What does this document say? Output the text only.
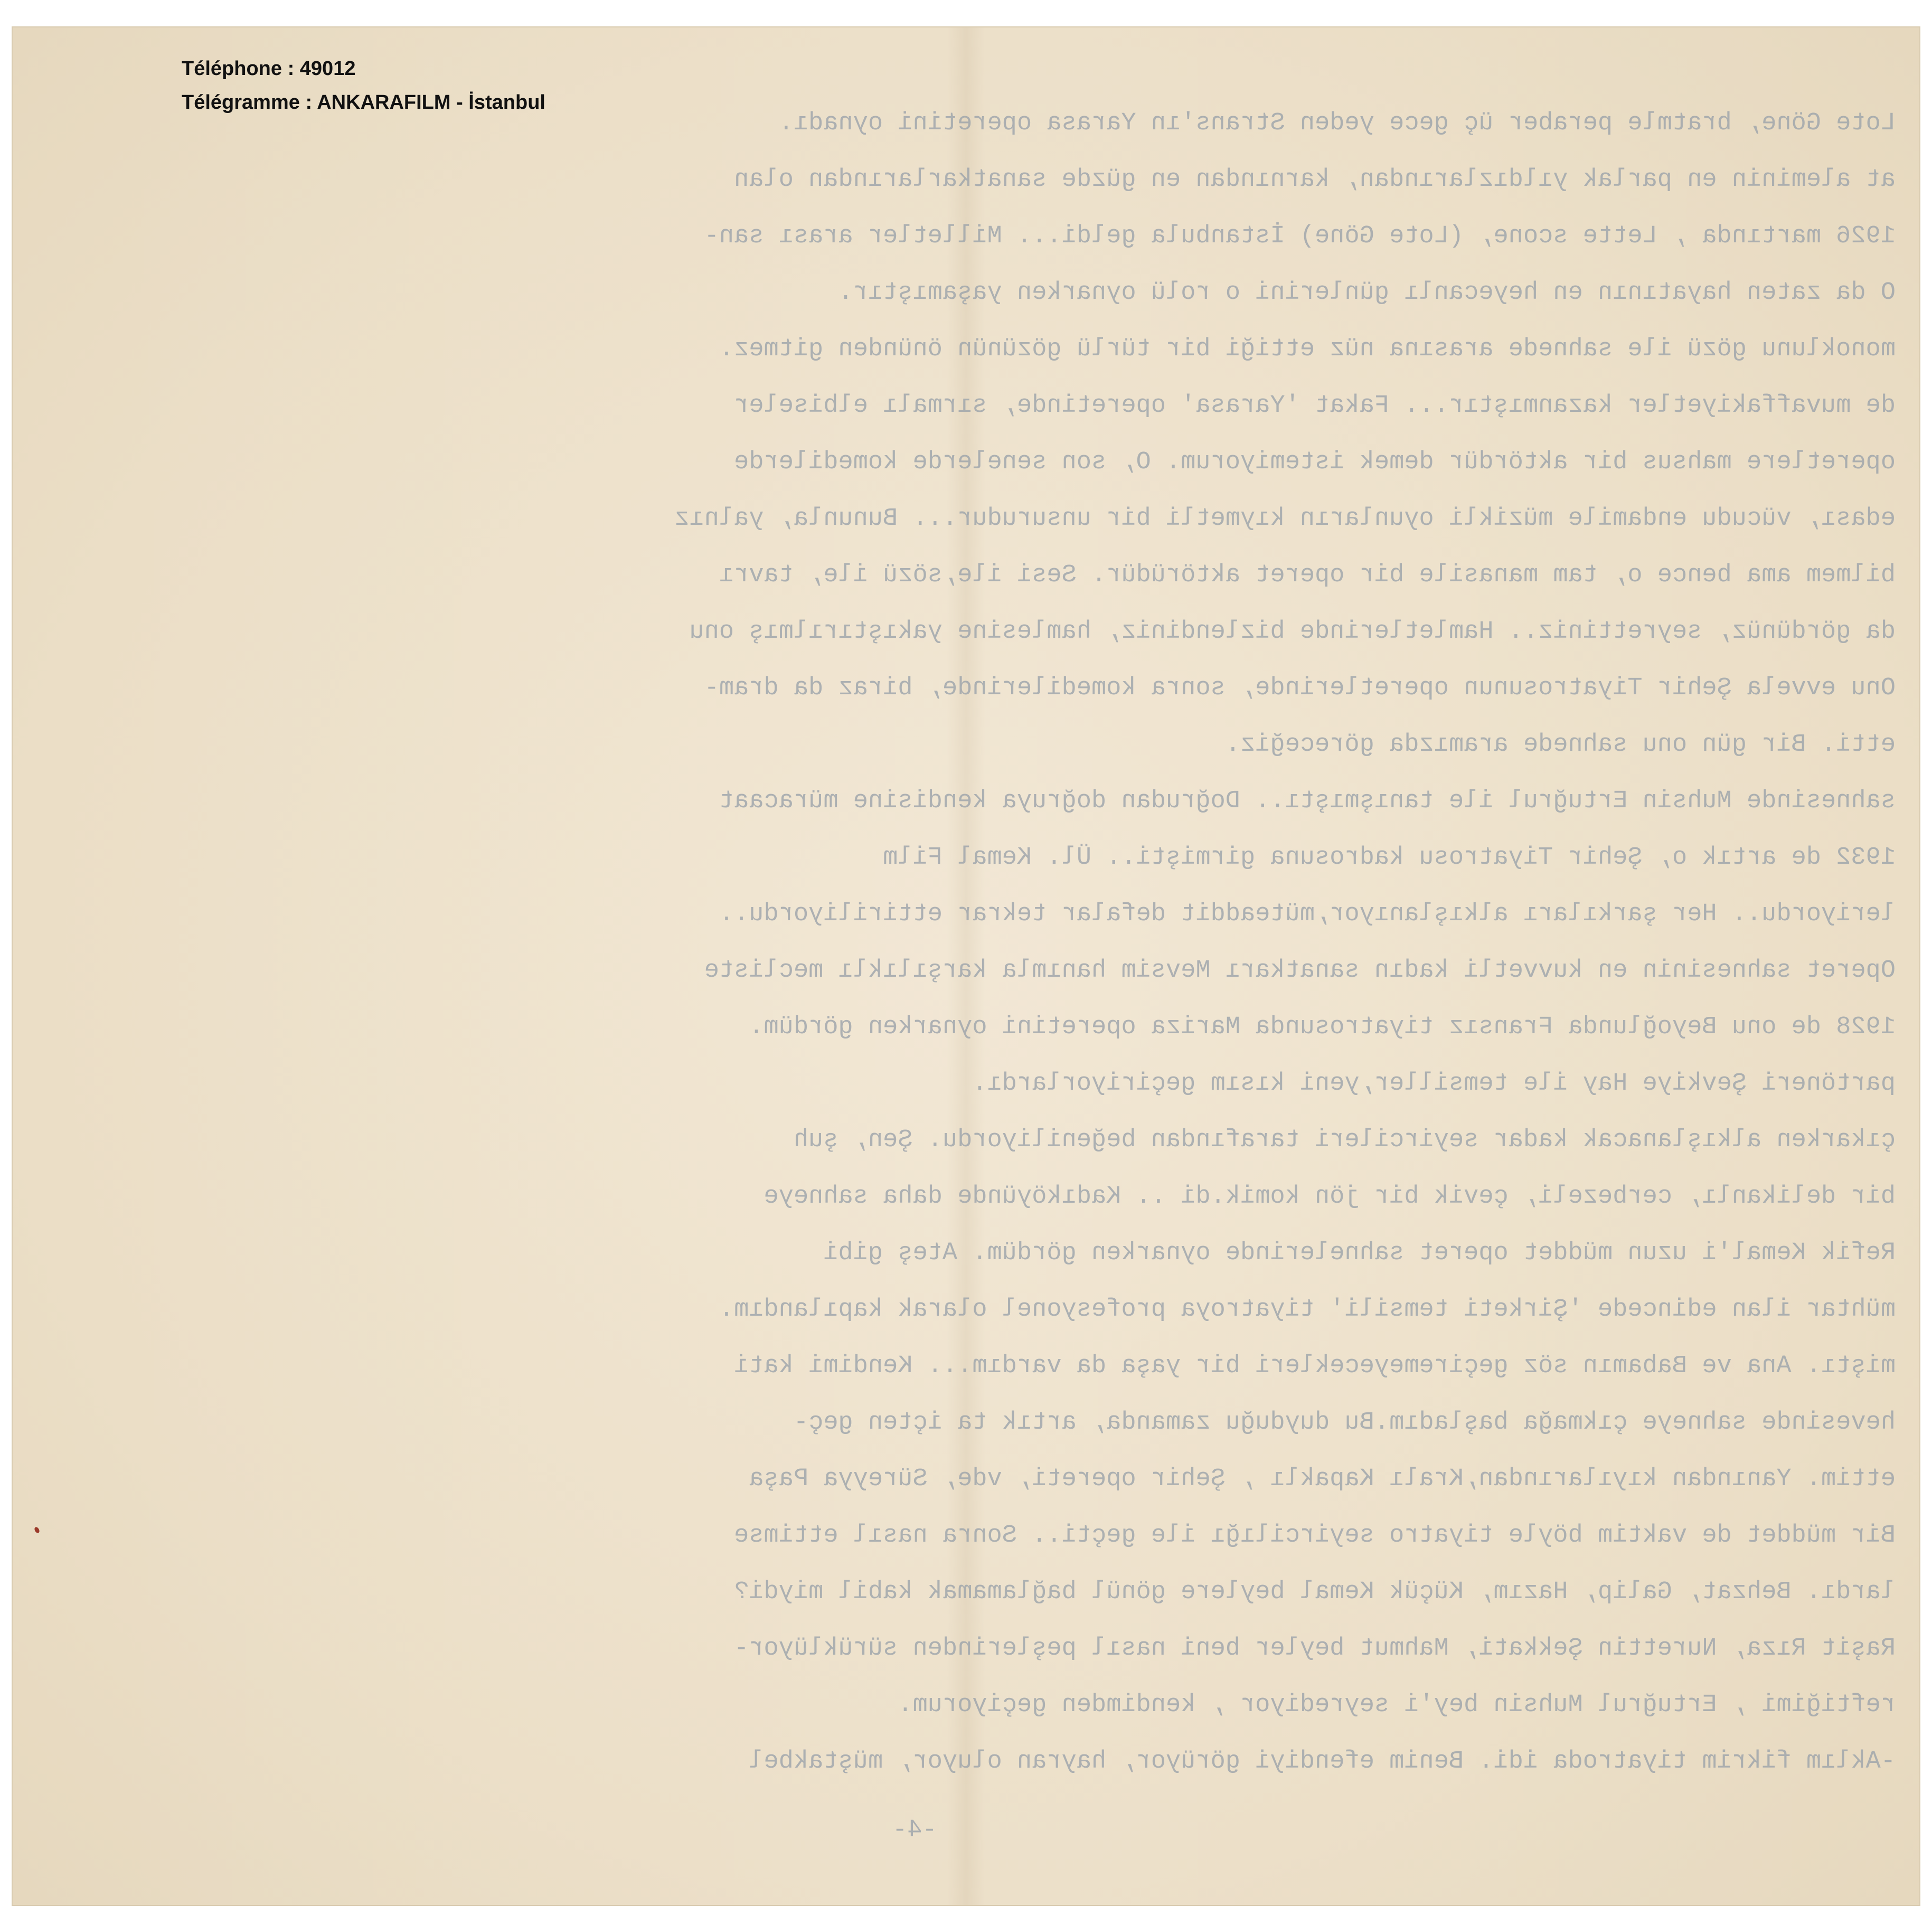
Téléphone : 49012
Télégramme : ANKARAFILM - İstanbul
Lote Göne, bratmle peraber üç gece yeden Strans'ın Yarasa operetini oynadı.
at aleminin en parlak yıldızlarından, karnından en güzde sanatkarlarından olan
1926 martında , Lette scone, (Lote Göne) İstanbula geldi... Milletler arası san-
O da zaten hayatının en heyecanlı günlerini o rolü oynarken yaşamıştır.
monoklunu gözü ile sahnede arasına nüz ettiği bir türlü gözünün önünden gitmez.
de muvaffakiyetler kazanmıştır... Fakat 'Yarasa' operetinde, sırmalı elbiseler
operetlere mahsus bir aktördür demek istemiyorum. O, son senelerde komedilerde
edası, vücudu endamile müzikli oyunların kıymetli bir unsurudur... Bununla, yalnız
bilmem ama bence o, tam manasile bir operet aktörüdür. Sesi ile,sözü ile, tavrı
da gördünüz, seyrettiniz.. Hamletlerinde bizlendiniz, hamlesine yakıştırılmış onu
Onu evvela Şehir Tiyatrosunun operetlerinde, sonra komedilerinde, biraz da dram-
etti. Bir gün onu sahnede aramızda göreceğiz.
sahnesinde Muhsin Ertuğrul ile tanışmıştı.. Doğrudan doğruya kendisine müracaat
1932 de artık o, Şehir Tiyatrosu kadrosuna girmişti.. Ül. Kemal Film
leriyordu.. Her şarkıları alkışlanıyor,müteaddit defalar tekrar ettiriliyordu..
Operet sahnesinin en kuvvetli kadın sanatkarı Mevsim hanımla karşılıklı mecliste
1928 de onu Beyoğlunda Fransız tiyatrosunda Mariza operetini oynarken gördüm.
partöneri Şevkiye Hay ile temsiller,yeni kısım geçiriyorlardı.
çıkarken alkışlanacak kadar seyircileri tarafından beğeniliyordu. Şen, şuh
bir delikanlı, cerbezeli, çevik bir jön komik.di .. Kadıköyünde daha sahneye
Refik Kemal'i uzun müddet operet sahnelerinde oynarken gördüm. Ateş gibi
mühtar ilan edincede 'Şirketi temsili' tiyatroya profesyonel olarak kapılandım.
miştı. Ana ve Babamın söz geçiremeyecekleri bir yaşa da vardım... Kendimi kati
hevesinde sahneye çıkmağa başladım.Bu duyduğu zamanda, artık ta içten geç-
ettim. Yanından kıyılarından,Kralı Kapaklı , Şehir opereti, vde, Süreyya Paşa
Bir müddet de vaktim böyle tiyatro seyircilığı ile geçti.. Sonra nasıl ettimse
lardı. Behzat, Galip, Hazım, Küçük Kemal beylere gönül bağlamamak kabil miydi?
Raşit Rıza, Nurettin Şekkati, Mahmut beyler beni nasıl peşlerinden sürüklüyor-
reftiğimi , Ertuğrul Muhsin bey'i seyrediyor , kendimden geçiyorum.
-Aklım fikrim tiyatroda idi. Benim efendiyi görüyor, hayran oluyor, müştakbel
-4-
